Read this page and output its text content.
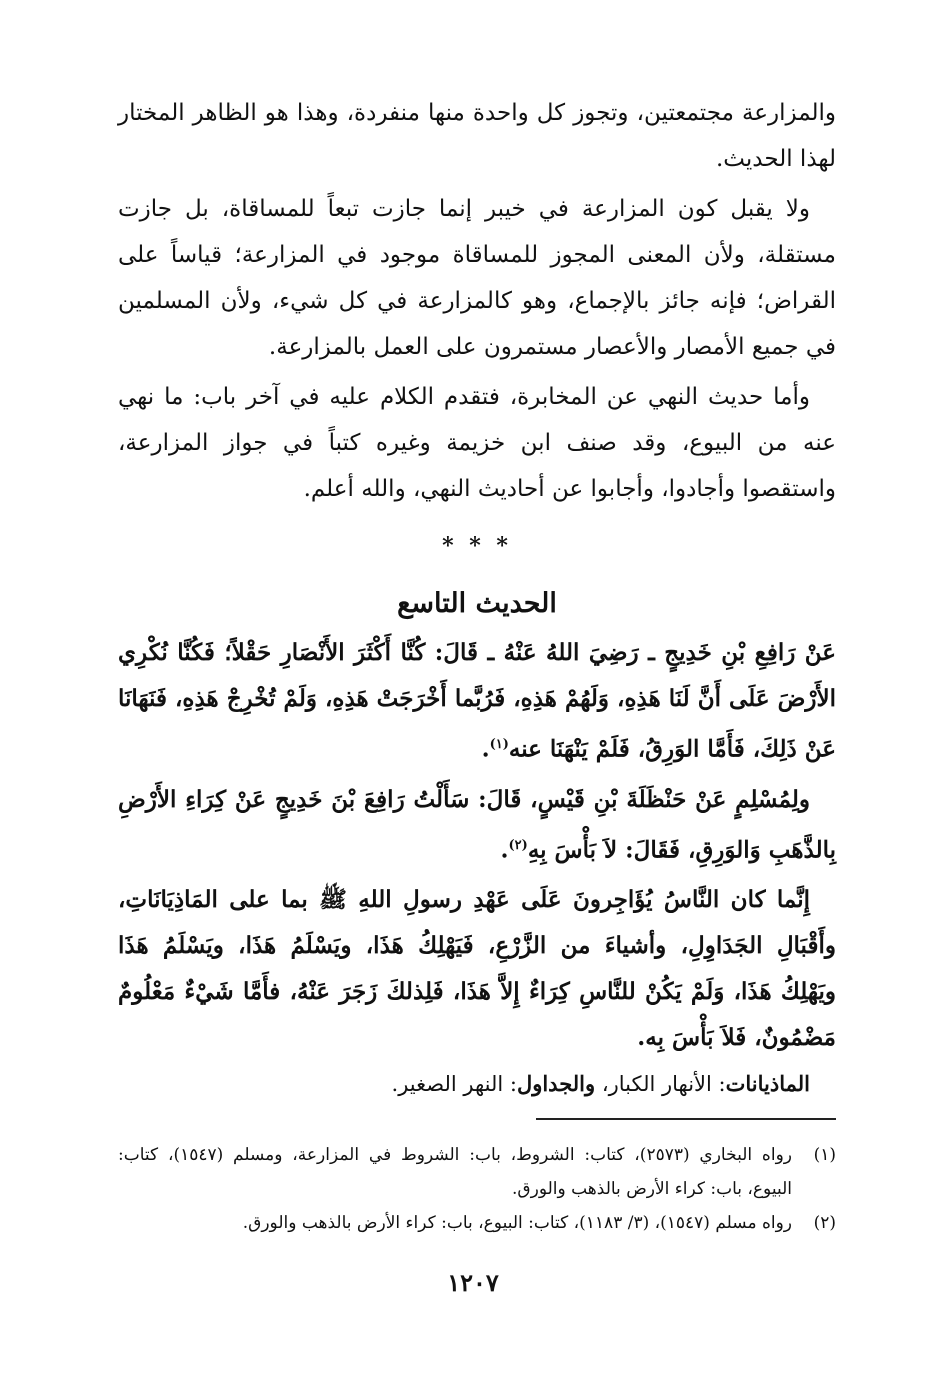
والمزارعة مجتمعتين، وتجوز كل واحدة منها منفردة، وهذا هو الظاهر المختار لهذا الحديث.

ولا يقبل كون المزارعة في خيبر إنما جازت تبعاً للمساقاة، بل جازت مستقلة، ولأن المعنى المجوز للمساقاة موجود في المزارعة؛ قياساً على القراض؛ فإنه جائز بالإجماع، وهو كالمزارعة في كل شيء، ولأن المسلمين في جميع الأمصار والأعصار مستمرون على العمل بالمزارعة.

وأما حديث النهي عن المخابرة، فتقدم الكلام عليه في آخر باب: ما نهي عنه من البيوع، وقد صنف ابن خزيمة وغيره كتباً في جواز المزارعة، واستقصوا وأجادوا، وأجابوا عن أحاديث النهي، والله أعلم.

* * *
الحديث التاسع

عَنْ رَافِعِ بْنِ خَدِيجٍ ـ رَضِيَ اللهُ عَنْهُ ـ قَالَ: كُنَّا أَكْثَرَ الأَنْصَارِ حَقْلاً؛ فَكُنَّا نُكْرِي الأَرْضَ عَلَى أَنَّ لَنَا هَذِهِ، وَلَهُمْ هَذِهِ، فَرُبَّما أَخْرَجَتْ هَذِهِ، وَلَمْ تُخْرِجْ هَذِهِ، فَنَهَانَا عَنْ ذَلِكَ، فَأَمَّا الوَرِقُ، فَلَمْ يَنْهَنَا عنه$^{(١)}$.

ولِمُسْلِمٍ عَنْ حَنْظَلَةَ بْنِ قَيْسٍ، قَالَ: سَأَلْتُ رَافِعَ بْنَ خَدِيجٍ عَنْ كِرَاءِ الأَرْضِ بِالذَّهَبِ وَالوَرِقِ، فَقَالَ: لاَ بَأْسَ بِهِ$^{(٢)}$.

إِنَّما كان النَّاسُ يُؤَاجِرونَ عَلَى عَهْدِ رسولِ اللهِ ﷺ بما على المَاذِيَانَاتِ، وأَقْبَالِ الجَدَاوِلِ، وأشياءَ من الزَّرْعِ، فَيَهْلِكُ هَذَا، ويَسْلَمُ هَذَا، ويَسْلَمُ هَذَا ويَهْلِكُ هَذَا، وَلَمْ يَكُنْ للنَّاسِ كِرَاءٌ إِلاَّ هَذَا، فَلِذلكَ زَجَرَ عَنْهُ، فأَمَّا شَيْءٌ مَعْلُومٌ مَضْمُونٌ، فَلاَ بَأْسَ بِه.

الماذيانات: الأنهار الكبار، والجداول: النهر الصغير.

(١)
رواه البخاري (٢٥٧٣)، كتاب: الشروط، باب: الشروط في المزارعة، ومسلم (١٥٤٧)، كتاب: البيوع، باب: كراء الأرض بالذهب والورق.
(٢)
رواه مسلم (١٥٤٧)، (٣/ ١١٨٣)، كتاب: البيوع، باب: كراء الأرض بالذهب والورق.
١٢٠٧
